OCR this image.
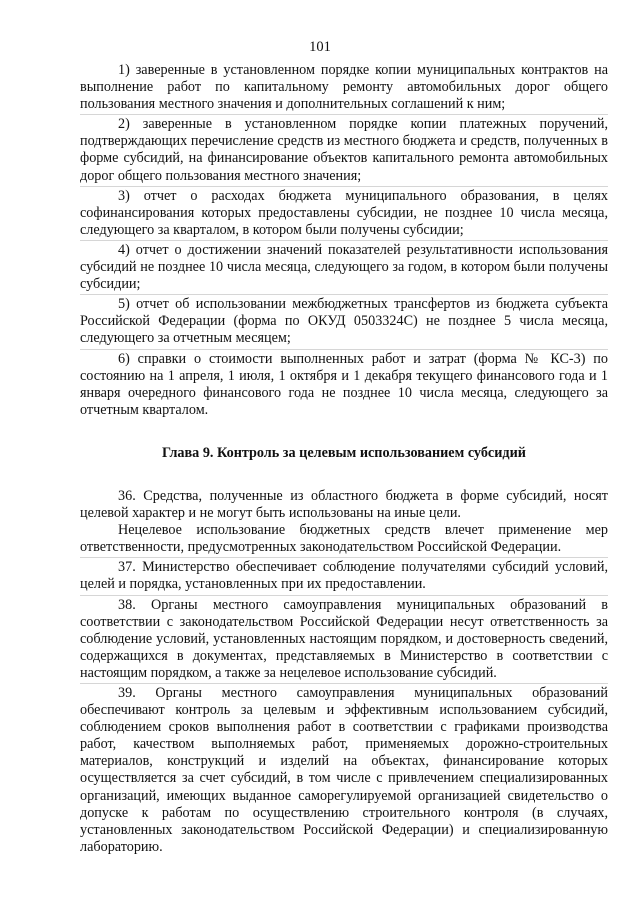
101

1) заверенные в установленном порядке копии муниципальных контрактов на выполнение работ по капитальному ремонту автомобильных дорог общего пользования местного значения и дополнительных соглашений к ним;

2) заверенные в установленном порядке копии платежных поручений, подтверждающих перечисление средств из местного бюджета и средств, полученных в форме субсидий, на финансирование объектов капитального ремонта автомобильных дорог общего пользования местного значения;

3) отчет о расходах бюджета муниципального образования, в целях софинансирования которых предоставлены субсидии, не позднее 10 числа месяца, следующего за кварталом, в котором были получены субсидии;

4) отчет о достижении значений показателей результативности использования субсидий не позднее 10 числа месяца, следующего за годом, в котором были получены субсидии;

5) отчет об использовании межбюджетных трансфертов из бюджета субъекта Российской Федерации (форма по ОКУД 0503324С) не позднее 5 числа месяца, следующего за отчетным месяцем;

6) справки о стоимости выполненных работ и затрат (форма № КС-3) по состоянию на 1 апреля, 1 июля, 1 октября и 1 декабря текущего финансового года и 1 января очередного финансового года не позднее 10 числа месяца, следующего за отчетным кварталом.

Глава 9. Контроль за целевым использованием субсидий

36. Средства, полученные из областного бюджета в форме субсидий, носят целевой характер и не могут быть использованы на иные цели.

Нецелевое использование бюджетных средств влечет применение мер ответственности, предусмотренных законодательством Российской Федерации.

37. Министерство обеспечивает соблюдение получателями субсидий условий, целей и порядка, установленных при их предоставлении.

38. Органы местного самоуправления муниципальных образований в соответствии с законодательством Российской Федерации несут ответственность за соблюдение условий, установленных настоящим порядком, и достоверность сведений, содержащихся в документах, представляемых в Министерство в соответствии с настоящим порядком, а также за нецелевое использование субсидий.

39. Органы местного самоуправления муниципальных образований обеспечивают контроль за целевым и эффективным использованием субсидий, соблюдением сроков выполнения работ в соответствии с графиками производства работ, качеством выполняемых работ, применяемых дорожно-строительных материалов, конструкций и изделий на объектах, финансирование которых осуществляется за счет субсидий, в том числе с привлечением специализированных организаций, имеющих выданное саморегулируемой организацией свидетельство о допуске к работам по осуществлению строительного контроля (в случаях, установленных законодательством Российской Федерации) и специализированную лабораторию.
